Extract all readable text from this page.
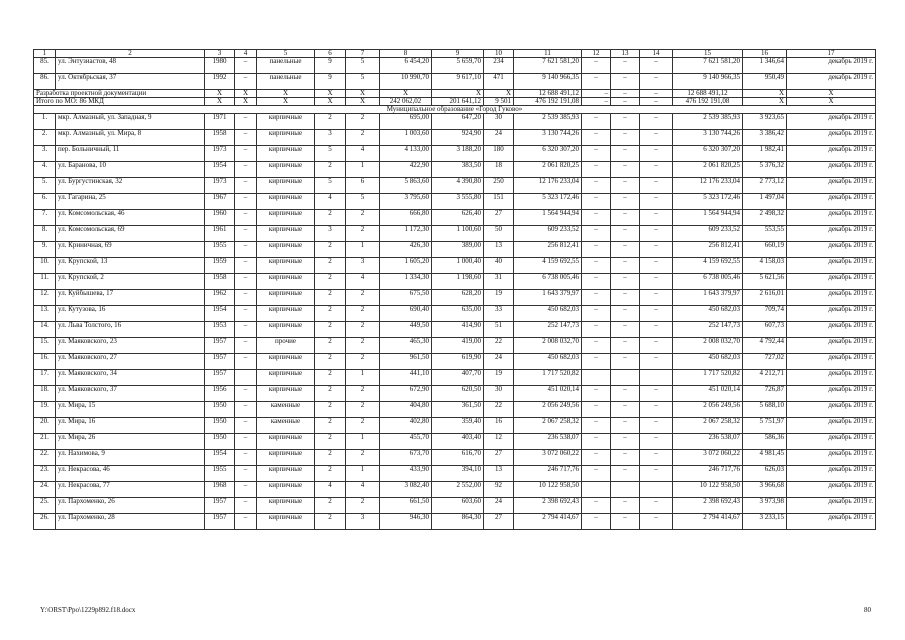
1	2	3	4	5	6	7	8	9	10	11	12	13	14	15	16	17
85.	ул. Энтузиастов, 48	1980	–	панельные	9	5	6 454,20	5 659,70	234	7 621 581,20	–	–	–	7 621 581,20	1 346,64	декабрь 2019 г.
86.	ул. Октябрьская, 37	1992	–	панельные	9	5	10 990,70	9 617,10	471	9 140 966,35	–	–	–	9 140 966,35	950,49	декабрь 2019 г.
Разработка проектной документации		X	X	X	X	X	X	X	X	12 688 491,12	–	–	–	12 688 491,12	X	X
Итого по МО: 86 МКД		X	X	X	X	X	242 062,02	201 641,12	9 501	476 192 191,08	–	–	–	476 192 191,08	X	X
Муниципальное образование «Город Гуково»																
1.	мкр. Алмазный, ул. Западная, 9	1971	–	кирпичные	2	2	695,00	647,20	30	2 539 385,93	–	–	–	2 539 385,93	3 923,65	декабрь 2019 г.
2.	мкр. Алмазный, ул. Мира, 8	1958	–	кирпичные	3	2	1 003,60	924,90	24	3 130 744,26	–	–	–	3 130 744,26	3 386,42	декабрь 2019 г.
3.	пер. Больничный, 11	1973	–	кирпичные	5	4	4 133,00	3 188,20	180	6 320 307,20	–	–	–	6 320 307,20	1 982,41	декабрь 2019 г.
4.	ул. Баранова, 10	1954	–	кирпичные	2	1	422,90	383,50	18	2 061 820,25	–	–	–	2 061 820,25	5 376,32	декабрь 2019 г.
5.	ул. Бургустинская, 32	1973	–	кирпичные	5	6	5 863,60	4 390,80	250	12 176 233,04	–	–	–	12 176 233,04	2 773,12	декабрь 2019 г.
6.	ул. Гагарина, 25	1967	–	кирпичные	4	5	3 795,60	3 555,80	151	5 323 172,46	–	–	–	5 323 172,46	1 497,04	декабрь 2019 г.
7.	ул. Комсомольская, 46	1960	–	кирпичные	2	2	666,80	626,40	27	1 564 944,94	–	–	–	1 564 944,94	2 498,32	декабрь 2019 г.
8.	ул. Комсомольская, 69	1961	–	кирпичные	3	2	1 172,30	1 100,60	50	609 233,52	–	–	–	609 233,52	553,55	декабрь 2019 г.
9.	ул. Криничная, 69	1955	–	кирпичные	2	1	426,30	389,00	13	256 812,41	–	–	–	256 812,41	660,19	декабрь 2019 г.
10.	ул. Крупской, 13	1959	–	кирпичные	2	3	1 605,20	1 000,40	40	4 159 692,55	–	–	–	4 159 692,55	4 158,03	декабрь 2019 г.
11.	ул. Крупской, 2	1958	–	кирпичные	2	4	1 334,30	1 198,60	31	6 738 005,46	–	–	–	6 738 005,46	5 621,56	декабрь 2019 г.
12.	ул. Куйбышева, 17	1962	–	кирпичные	2	2	675,50	628,20	19	1 643 379,97	–	–	–	1 643 379,97	2 616,01	декабрь 2019 г.
13.	ул. Кутузова, 16	1954	–	кирпичные	2	2	690,40	635,00	33	450 682,03	–	–	–	450 682,03	709,74	декабрь 2019 г.
14.	ул. Льва Толстого, 16	1953	–	кирпичные	2	2	449,50	414,90	51	252 147,73	–	–	–	252 147,73	607,73	декабрь 2019 г.
15.	ул. Маяковского, 23	1957	–	прочие	2	2	465,30	419,00	22	2 008 032,70	–	–	–	2 008 032,70	4 792,44	декабрь 2019 г.
16.	ул. Маяковского, 27	1957	–	кирпичные	2	2	961,50	619,90	24	450 682,03	–	–	–	450 682,03	727,02	декабрь 2019 г.
17.	ул. Маяковского, 34	1957		кирпичные	2	1	441,10	407,70	19	1 717 520,82				1 717 520,82	4 212,71	декабрь 2019 г.
18.	ул. Маяковского, 37	1956	–	кирпичные	2	2	672,90	620,50	30	451 020,14	–	–	–	451 020,14	726,87	декабрь 2019 г.
19.	ул. Мира, 15	1950	–	каменные	2	2	404,80	361,50	22	2 056 249,56	–	–	–	2 056 249,56	5 688,10	декабрь 2019 г.
20.	ул. Мира, 16	1950	–	каменные	2	2	402,80	359,40	16	2 067 258,32	–	–	–	2 067 258,32	5 751,97	декабрь 2019 г.
21.	ул. Мира, 26	1950	–	кирпичные	2	1	455,70	403,40	12	236 538,07	–	–	–	236 538,07	586,36	декабрь 2019 г.
22.	ул. Нахимова, 9	1954	–	кирпичные	2	2	673,70	616,70	27	3 072 060,22	–	–	–	3 072 060,22	4 981,45	декабрь 2019 г.
23.	ул. Некрасова, 46	1955	–	кирпичные	2	1	433,90	394,10	13	246 717,76	–	–	–	246 717,76	626,03	декабрь 2019 г.
24.	ул. Некрасова, 77	1968	–	кирпичные	4	4	3 082,40	2 552,00	92	10 122 958,50				10 122 958,50	3 966,68	декабрь 2019 г.
25.	ул. Пархоменко, 26	1957	–	кирпичные	2	2	661,50	603,60	24	2 398 692,43	–	–	–	2 398 692,43	3 973,98	декабрь 2019 г.
26.	ул. Пархоменко, 28	1957	–	кирпичные	2	3	946,30	864,30	27	2 794 414,67	–	–	–	2 794 414,67	3 233,15	декабрь 2019 г.
Y:\ORST\Ppo\1229p892.f18.docx	80
